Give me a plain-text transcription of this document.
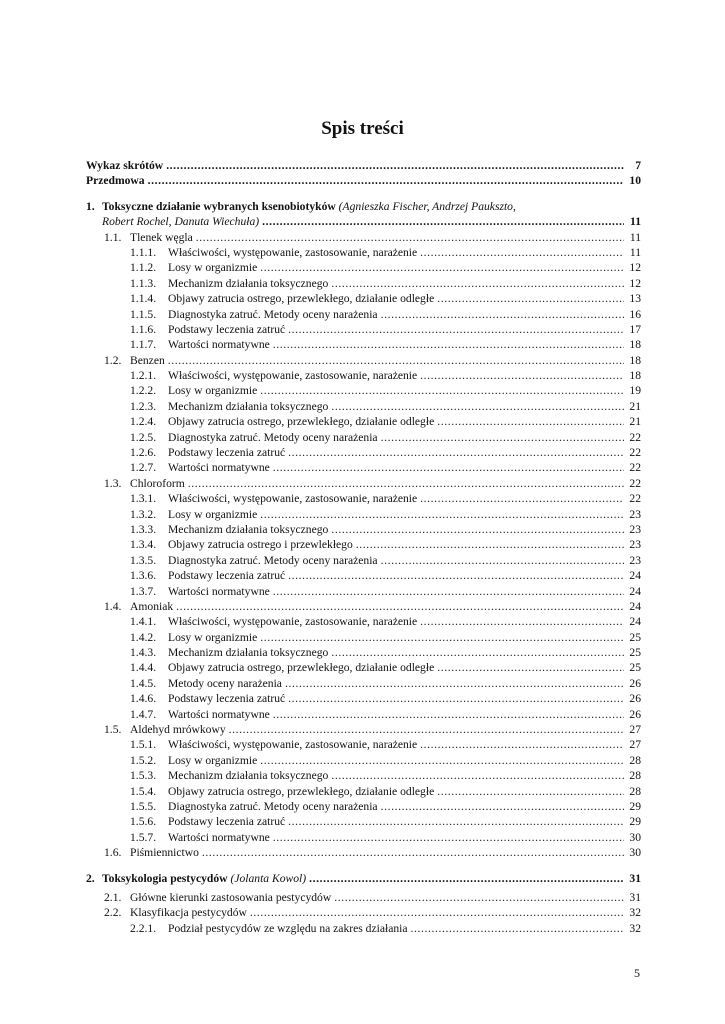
Spis treści
Wykaz skrótów .....	7
Przedmowa .....	10
1. Toksyczne działanie wybranych ksenobiotyków (Agnieszka Fischer, Andrzej Paukszto,
Robert Rochel, Danuta Wiechuła) .....	11
1.1. Tlenek węgla .....	11
1.1.1.	Właściwości, występowanie, zastosowanie, narażenie .....	11
1.1.2.	Losy w organizmie .....	12
1.1.3.	Mechanizm działania toksycznego .....	12
1.1.4.	Objawy zatrucia ostrego, przewlekłego, działanie odległe .....	13
1.1.5.	Diagnostyka zatruć. Metody oceny narażenia .....	16
1.1.6.	Podstawy leczenia zatruć .....	17
1.1.7.	Wartości normatywne .....	18
1.2. Benzen .....	18
1.2.1.	Właściwości, występowanie, zastosowanie, narażenie .....	18
1.2.2.	Losy w organizmie .....	19
1.2.3.	Mechanizm działania toksycznego .....	21
1.2.4.	Objawy zatrucia ostrego, przewlekłego, działanie odległe .....	21
1.2.5.	Diagnostyka zatruć. Metody oceny narażenia .....	22
1.2.6.	Podstawy leczenia zatruć .....	22
1.2.7.	Wartości normatywne .....	22
1.3. Chloroform .....	22
1.3.1.	Właściwości, występowanie, zastosowanie, narażenie .....	22
1.3.2.	Losy w organizmie .....	23
1.3.3.	Mechanizm działania toksycznego .....	23
1.3.4.	Objawy zatrucia ostrego i przewlekłego .....	23
1.3.5.	Diagnostyka zatruć. Metody oceny narażenia .....	23
1.3.6.	Podstawy leczenia zatruć .....	24
1.3.7.	Wartości normatywne .....	24
1.4. Amoniak .....	24
1.4.1.	Właściwości, występowanie, zastosowanie, narażenie .....	24
1.4.2.	Losy w organizmie .....	25
1.4.3.	Mechanizm działania toksycznego .....	25
1.4.4.	Objawy zatrucia ostrego, przewlekłego, działanie odległe .....	25
1.4.5.	Metody oceny narażenia .....	26
1.4.6.	Podstawy leczenia zatruć .....	26
1.4.7.	Wartości normatywne .....	26
1.5. Aldehyd mrówkowy .....	27
1.5.1.	Właściwości, występowanie, zastosowanie, narażenie .....	27
1.5.2.	Losy w organizmie .....	28
1.5.3.	Mechanizm działania toksycznego .....	28
1.5.4.	Objawy zatrucia ostrego, przewlekłego, działanie odległe .....	28
1.5.5.	Diagnostyka zatruć. Metody oceny narażenia .....	29
1.5.6.	Podstawy leczenia zatruć .....	29
1.5.7.	Wartości normatywne .....	30
1.6. Piśmiennictwo .....	30
2. Toksykologia pestycydów (Jolanta Kowol) .....	31
2.1. Główne kierunki zastosowania pestycydów .....	31
2.2. Klasyfikacja pestycydów .....	32
2.2.1.	Podział pestycydów ze względu na zakres działania .....	32
5
